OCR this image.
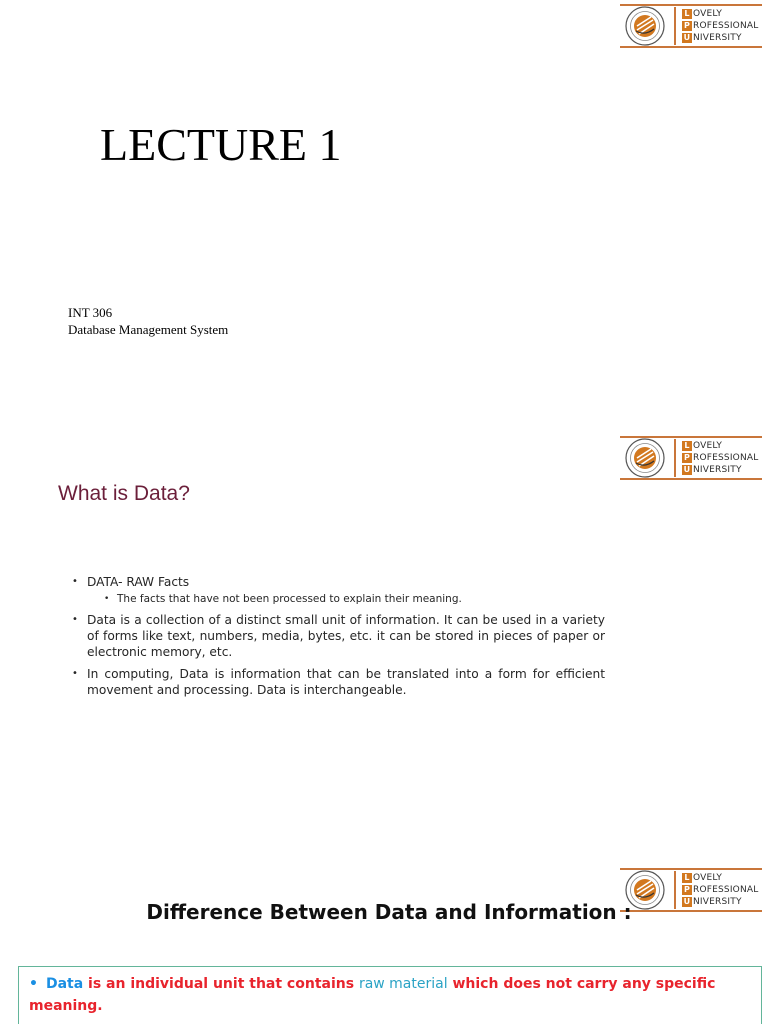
L OVELY
P ROFESSIONAL
U NIVERSITY
LECTURE 1
INT 306
Database Management System
L OVELY
P ROFESSIONAL
U NIVERSITY
What is Data?
• DATA- RAW Facts
• The facts that have not been processed to explain their meaning.
• Data is a collection of a distinct small unit of information. It can be used in a variety of forms like text, numbers, media, bytes, etc. it can be stored in pieces of paper or electronic memory, etc.
• In computing, Data is information that can be translated into a form for efficient movement and processing. Data is interchangeable.
L OVELY
P ROFESSIONAL
U NIVERSITY
Difference Between Data and Information :
• Data is an individual unit that contains raw material which does not carry any specific meaning.
